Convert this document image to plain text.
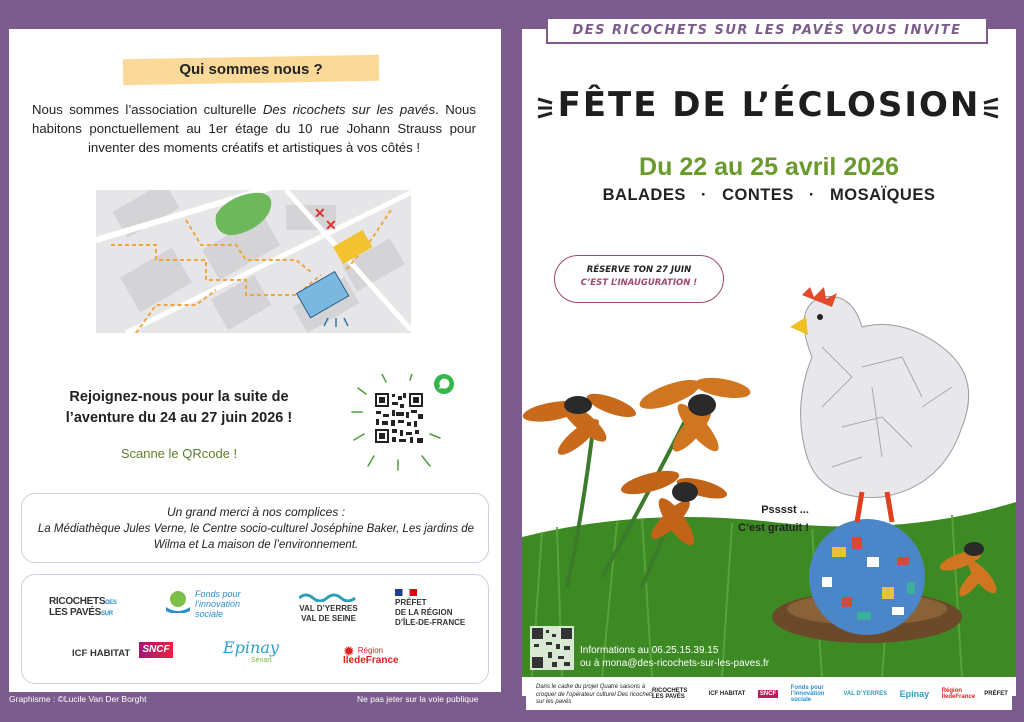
Qui sommes nous ?
Nous sommes l’association culturelle Des ricochets sur les pavés. Nous habitons ponctuellement au 1er étage du 10 rue Johann Strauss pour inventer des moments créatifs et artistiques à vos côtés !
✕
✕
Rejoignez-nous pour la suite de l’aventure du 24 au 27 juin 2026 !
Scanne le QRcode !
Un grand merci à nos complices :
La Médiathèque Jules Verne, le Centre socio-culturel Joséphine Baker, Les jardins de Wilma et La maison de l’environnement.
RICOCHETSDES
LES PAVÉSSUR
Fonds pour
l’innovation
sociale
VAL D’YERRES
VAL DE SEINE
PRÉFET
DE LA RÉGION
D’ÎLE-DE-FRANCE
ICF HABITAT	SNCF	Epinay
Sénart
✹ Région
IledeFrance
Graphisme : ©Lucile Van Der Borght	Ne pas jeter sur la voie publique
DES RICOCHETS SUR LES PAVÉS VOUS INVITE
FÊTE DE L’ÉCLOSION
Du 22 au 25 avril 2026
BALADES · CONTES · MOSAÏQUES
RÉSERVE TON 27 JUIN
C’EST L’INAUGURATION !
Psssst ...
C’est gratuit !
Informations au 06.25.15.39.15
ou à mona@des-ricochets-sur-les-paves.fr
Dans le cadre du projet Quatre saisons à croquer de l’opérateur culturel Des ricochets sur les pavés
RICOCHETS LES PAVÉS	ICF HABITAT	SNCF
Fonds pour l’innovation sociale
VAL D’YERRES Epinay Région IledeFrance PRÉFET
